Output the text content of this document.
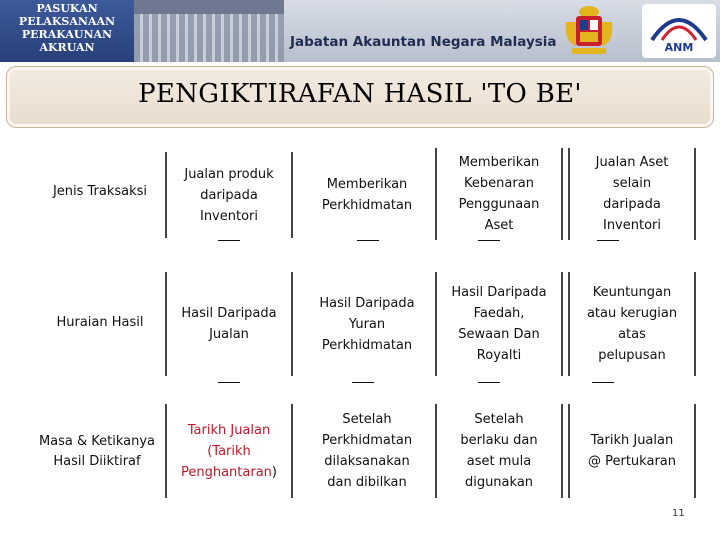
PASUKAN
PELAKSANAAN
PERAKAUNAN
AKRUAN	Jabatan Akauntan Negara Malaysia	ANM
PENGIKTIRAFAN HASIL 'TO BE'
Jenis Traksaksi
Huraian Hasil
Masa & Ketikanya
Hasil Diiktiraf
Jualan produk
daripada
Inventori
Memberikan
Perkhidmatan
Memberikan
Kebenaran
Penggunaan
Aset
Jualan Aset
selain
daripada
Inventori
Hasil Daripada
Jualan
Hasil Daripada
Yuran
Perkhidmatan
Hasil Daripada
Faedah,
Sewaan Dan
Royalti
Keuntungan
atau kerugian
atas
pelupusan
Tarikh Jualan
(Tarikh
Penghantaran)
Setelah
Perkhidmatan
dilaksanakan
dan dibilkan
Setelah
berlaku dan
aset mula
digunakan
Tarikh Jualan
@ Pertukaran
11
